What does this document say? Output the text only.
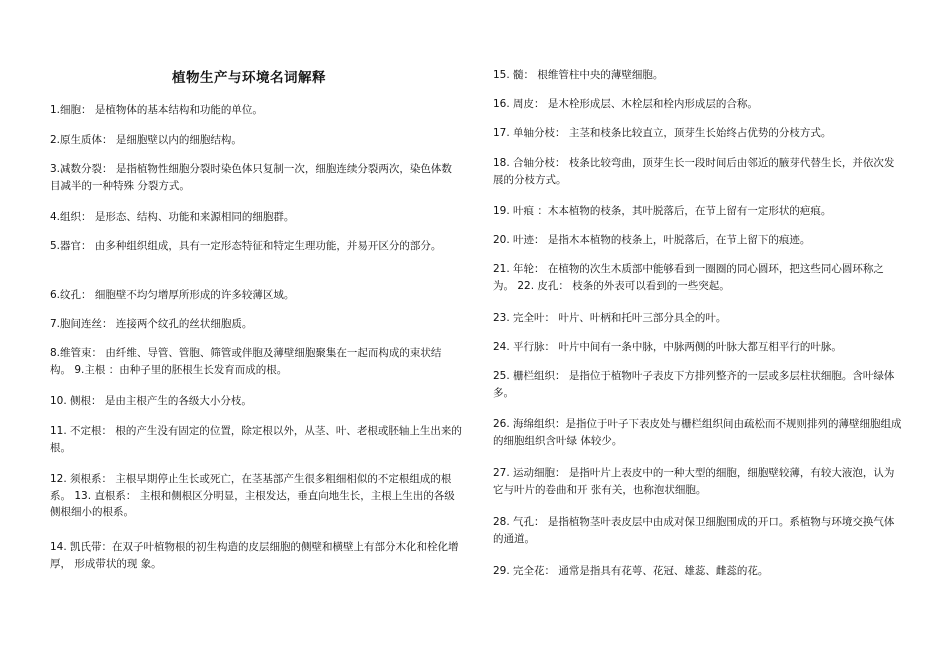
植物生产与环境名词解释
1.细胞： 是植物体的基本结构和功能的单位。
2.原生质体： 是细胞壁以内的细胞结构。
3.减数分裂： 是指植物性细胞分裂时染色体只复制一次，细胞连续分裂两次，染色体数目减半的一种特殊 分裂方式。
4.组织： 是形态、结构、功能和来源相同的细胞群。
5.器官： 由多种组织组成，具有一定形态特征和特定生理功能，并易开区分的部分。
6.纹孔： 细胞壁不均匀增厚所形成的许多较薄区域。
7.胞间连丝： 连接两个纹孔的丝状细胞质。
8.维管束： 由纤维、导管、管胞、筛管或伴胞及薄壁细胞聚集在一起而构成的束状结构。 9.主根 ：由种子里的胚根生长发育而成的根。
10. 侧根： 是由主根产生的各级大小分枝。
11. 不定根： 根的产生没有固定的位置，除定根以外，从茎、叶、老根或胚轴上生出来的根。
12. 须根系： 主根早期停止生长或死亡，在茎基部产生很多粗细相似的不定根组成的根系。 13. 直根系： 主根和侧根区分明显，主根发达，垂直向地生长，主根上生出的各级侧根细小的根系。
14. 凯氏带：在双子叶植物根的初生构造的皮层细胞的侧壁和横壁上有部分木化和栓化增厚， 形成带状的现 象。
15. 髓： 根维管柱中央的薄壁细胞。
16. 周皮： 是木栓形成层、木栓层和栓内形成层的合称。
17. 单轴分枝： 主茎和枝条比较直立，顶芽生长始终占优势的分枝方式。
18. 合轴分枝： 枝条比较弯曲，顶芽生长一段时间后由邻近的腋芽代替生长，并依次发展的分枝方式。
19. 叶痕 ：木本植物的枝条，其叶脱落后，在节上留有一定形状的疤痕。
20. 叶迹： 是指木本植物的枝条上，叶脱落后，在节上留下的痕迹。
21. 年轮： 在植物的次生木质部中能够看到一圈圈的同心圆环，把这些同心圆环称之为。 22. 皮孔： 枝条的外表可以看到的一些突起。
23. 完全叶： 叶片、叶柄和托叶三部分具全的叶。
24. 平行脉： 叶片中间有一条中脉，中脉两侧的叶脉大都互相平行的叶脉。
25. 栅栏组织： 是指位于植物叶子表皮下方排列整齐的一层或多层柱状细胞。含叶绿体多。
26. 海绵组织：是指位于叶子下表皮处与栅栏组织间由疏松而不规则排列的薄壁细胞组成的细胞组织含叶绿 体较少。
27. 运动细胞： 是指叶片上表皮中的一种大型的细胞，细胞壁较薄，有较大液泡，认为它与叶片的卷曲和开 张有关，也称泡状细胞。
28. 气孔： 是指植物茎叶表皮层中由成对保卫细胞围成的开口。系植物与环境交换气体的通道。
29. 完全花： 通常是指具有花萼、花冠、雄蕊、雌蕊的花。
